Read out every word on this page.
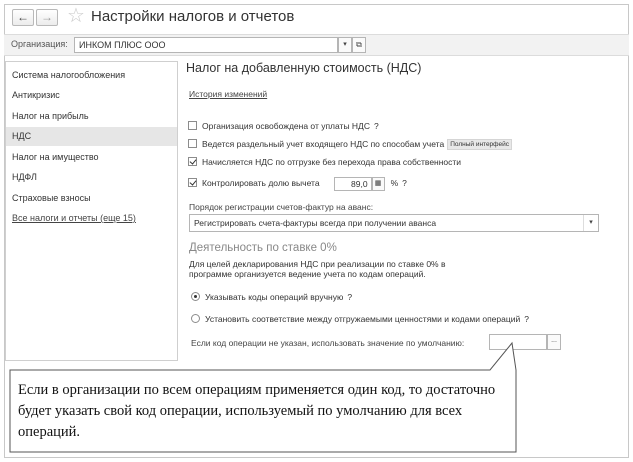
←	→ ☆ Настройки налогов и отчетов
Организация:	ИНКОМ ПЛЮС ООО	▾	⧉
Система налогообложения
Антикризис
Налог на прибыль
НДС
Налог на имущество
НДФЛ
Страховые взносы
Все налоги и отчеты (еще 15)
Налог на добавленную стоимость (НДС)
История изменений
Организация освобождена от уплаты НДС ?
Ведется раздельный учет входящего НДС по способам учета Полный интерфейс
Начисляется НДС по отгрузке без перехода права собственности
Контролировать долю вычета	89,0 ▦ % ?
Порядок регистрации счетов-фактур на аванс:
Регистрировать счета-фактуры всегда при получении аванса	▾
Деятельность по ставке 0%
Для целей декларирования НДС при реализации по ставке 0% в программе организуется ведение учета по кодам операций.
Указывать коды операций вручную ?
Установить соответствие между отгружаемыми ценностями и кодами операций ?
Если код операции не указан, использовать значение по умолчанию:	...
Если в организации по всем операциям применяется один код, то достаточно будет указать свой код операции, используемый по умолчанию для всех операций.
